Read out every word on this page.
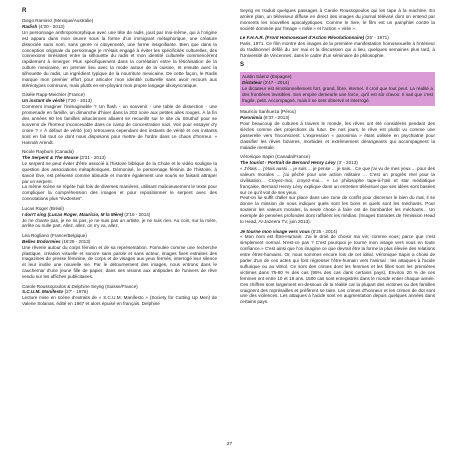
R
Diego Ramirez (Mexique/Australie)
Radish (4'20 - 2013)

Un personnage anthropomorphique avec une tête de radis, jouit par moi-même, qui à l'origine est apparu dans mon œuvre sous la forme d'un immigrant métaphorique, une créature dissociée sans nom, sans genre ni citoyenneté, une forme insignifiante. Bien que dans la conception originale du personnage je m'étais engagé à éviter les spécificités culturelles, des connexions inrésistes entre la silhouette du radis et mon identité culturelle commencèrent rapidement à émerger. Plus spécifiquement dans la corrélation entre la fétichisation de la culture mexicaine, en premier lieu avec la mode autour de la cuisine, et ensuite avec la silhouette du radis, un ingrédient typique de la nourriture mexicaine. De cette façon, le Radis marque mon premier effort pour articuler mon identité culturelle sans avoir recours aux stéréotypes communs, mais plutôt en em-ployant mon propre langage idiosyncratique.

Gisèle Rapp-Meichler (France)
Un instant de vérité (7'20 - 2013)

Comment imaginer l'inimaginable ? Un flash - un souvenir - une table de dissection - une promenade en famille, un dimanche d'hiver dans la 203 noire aux petites ailes rouges. À la fin des années 60 les familles alsaciennes allaient se recueillir sur le site du Struthof pour se souvenir de l'horreur inconcevable dans ce camp de concentration nazi. Voir pour essayer d'y croire ? « À défaut de vérité (on) retrouvera cependant des instants de vérité et ces instants sont en fait tout ce dont nous disposons pour mettre de l'ordre dans ce chaos d'horreur. » Hannah Arendt.

Nicole Rayburn (Canada)
The Serpent & The Mouse (3'31 - 2013)

Le serpent ne peut éviter d'être associé à l'histoire biblique de la Chute et le vidéo souligne la question des associations métaphoriques. Démonisé, le personnage féminin de l'histoire, à savoir Ève, est présenté comme absurde et montre également une souris se faisant attraper par un serpent.

La même scène se répète huit fois de diverses manières, utilisant malicieusement le texte pour compliquer la compréhension des images et pour repositionner le serpent avec des connotations plus "évidentes".

Lucas Roger (Brésil)
I don't sing (Lucas Roger, Mauricio, M la Mère) (2'16 - 2014)

Je ne chante pas, je ne ris pas, je ne suis pas un artiste, je ne suis rien. Au coin, sur la mère, arrête ou nulle part. Allez, allez, on n'y va, allez.

Léa Rogliano (France/Belgique)
Belles Endormies (16'29 - 2013)

Une rêverie autour du corps féminin et de sa représentation. Formulée comme une recherche plastique, création visuelle et sonore sans parole et sans acteur, images fixes extraites des magazines de presse féminine, de corps et de visages aux yeux fermés, interrogé leur silence et leur inutile une nouvelle vie. Par le détournement des images, nous entrons dans le cauchemar d'une jeune fille de papier, dans ses visions aux antipodes de l'univers de rêve vendu sur les affiches publicitaires.

Carole Roussopoulos & Delphine Seyrig (Suisse/France)
S.C.U.M. Manifesto (27' - 1976)

Lecture mise en scène d'extraits de « S.C.U.M. Manifesto » (Society for Cutting Up Men) de Valerie Solanas, édité en 1967 et alors épuisé en français. Delphine

Seyrig en traduit quelques passages à Carole Roussopoulos qui les tape à la machine. En arrière plan, un téléviseur diffuse en direct des images du journal télévisé dont on entend par moments les nouvelles apocalyptiques. Comme le livre, le film est un pamphlet contre la société dominée par l'image « mâle » et l'action « virile ».

Le F.H.A.R. (Front Homosexuel d'Action Révolutionnaire) (26' - 1971)

Paris, 1971. Ce film montre des images de la première manifestation homosexuelle à l'intérieur du traditionnel défilé du 1er mai et la discussion qui a lieu, quelques semaines plus tard, à l'Université de Vincennes, dans le cadre d'un séminaire de philosophie.

S
Austin Sáenz (Espagne)
Dictateur (2'47 - 2014)

Le dictateur est émotionnellement fort, grand, libre, éternel. Il croit que tout peut. La réalité a des frontières invisibles. Son empire demeurle une force, qu'il est sûr d'avoir. Il sait que c'est fragile, petit. Accompagné, mais il se sent observé et interrogé.

Mauricio Sanhueza (Pérou)
Paronimia (6'37 - 2013)

Pour beaucoup de cultures à travers le monde, les rêves ont été considérés pendant des siècles comme des projections du futur. De nos jours, le rêve est plutôt vu comme une passerelle vers l'inconscient. L'expression « paronimia » étant utilisée en psychiatrie pour classifier les rêves bizarres, morbides et extrêmement dérangeants qui accompagnent la maladie mentale.

Véronique Sapin (Canada/France)
The tourist - Portrait de Bernard Henry Lévy (3' - 2013)

« J'étais ... j'étais aussi ... je suis ... je pense ... je sais... Ce que j'ai vu de mes yeux ... pour des valeurs morales ... j'ai pêché pour une action militaire ... C'est un progrès réel pour la civilisation... Croyez-moi, croyez-moi... » Le philosophe tape-à-l'œil et star médiatique française, Bernard Henry Lévy explique dans un entretien télévisuel que ses idées sont basées sur ce qu'il voit de ses yeux.

Peut-on lui suffit d'aller sur place dans une zone de conflit pour discerner le bien du mal, il se donne la mission de nous indiquer quels sont les bons et quels sont les méchants. Pour soutenir les valeurs morales, la seule chose à faire est de bombarder les méchants... Un exemple de pensées profondes dont raffolent les médias. (Images Extraites de l'émission Head to Head, Al-Jazeera TV, juin 2013).

Je tourne mon visage vers vous (5'25 - 2014)

« Mon nom est Être-Humain. J'ai le droit de choisir ma vie; comme vous; parce que c'est simplement normal. N'est-ce pas ? C'est pourquoi je tourne mon visage vers vous en toute confiance.» C'est ainsi que l'on imagine ce que devrait être la forme la plus élevée des relations entre êtres-humains. Or, nous sommes encore loin de cet idéal. Véronique Sapin a choisi de parler d'un de ces actes qui font régresser l'être-humain vers l'animal : les attaques à l'acide sulfurique ou au vitriol. Ce sont des crimes dont les femmes et les filles sont les premières victimes dans 75-80 % des cas (95% des cas dans certains pays). Environ 20 % de ces femmes ont entre 10 et 18 ans. 1500 cas sont enregistrés dans le monde entier chaque année. Ces chiffres sont largement en-dessous de la réalité car la plupart des victimes ou des familles craignent des représailles et préfèrent se taire. Les crimes d'honneur et les crimes de dot sont une des violences. Les attaques à l'acide sont en augmentation depuis quelques années dans certains pays.

27
